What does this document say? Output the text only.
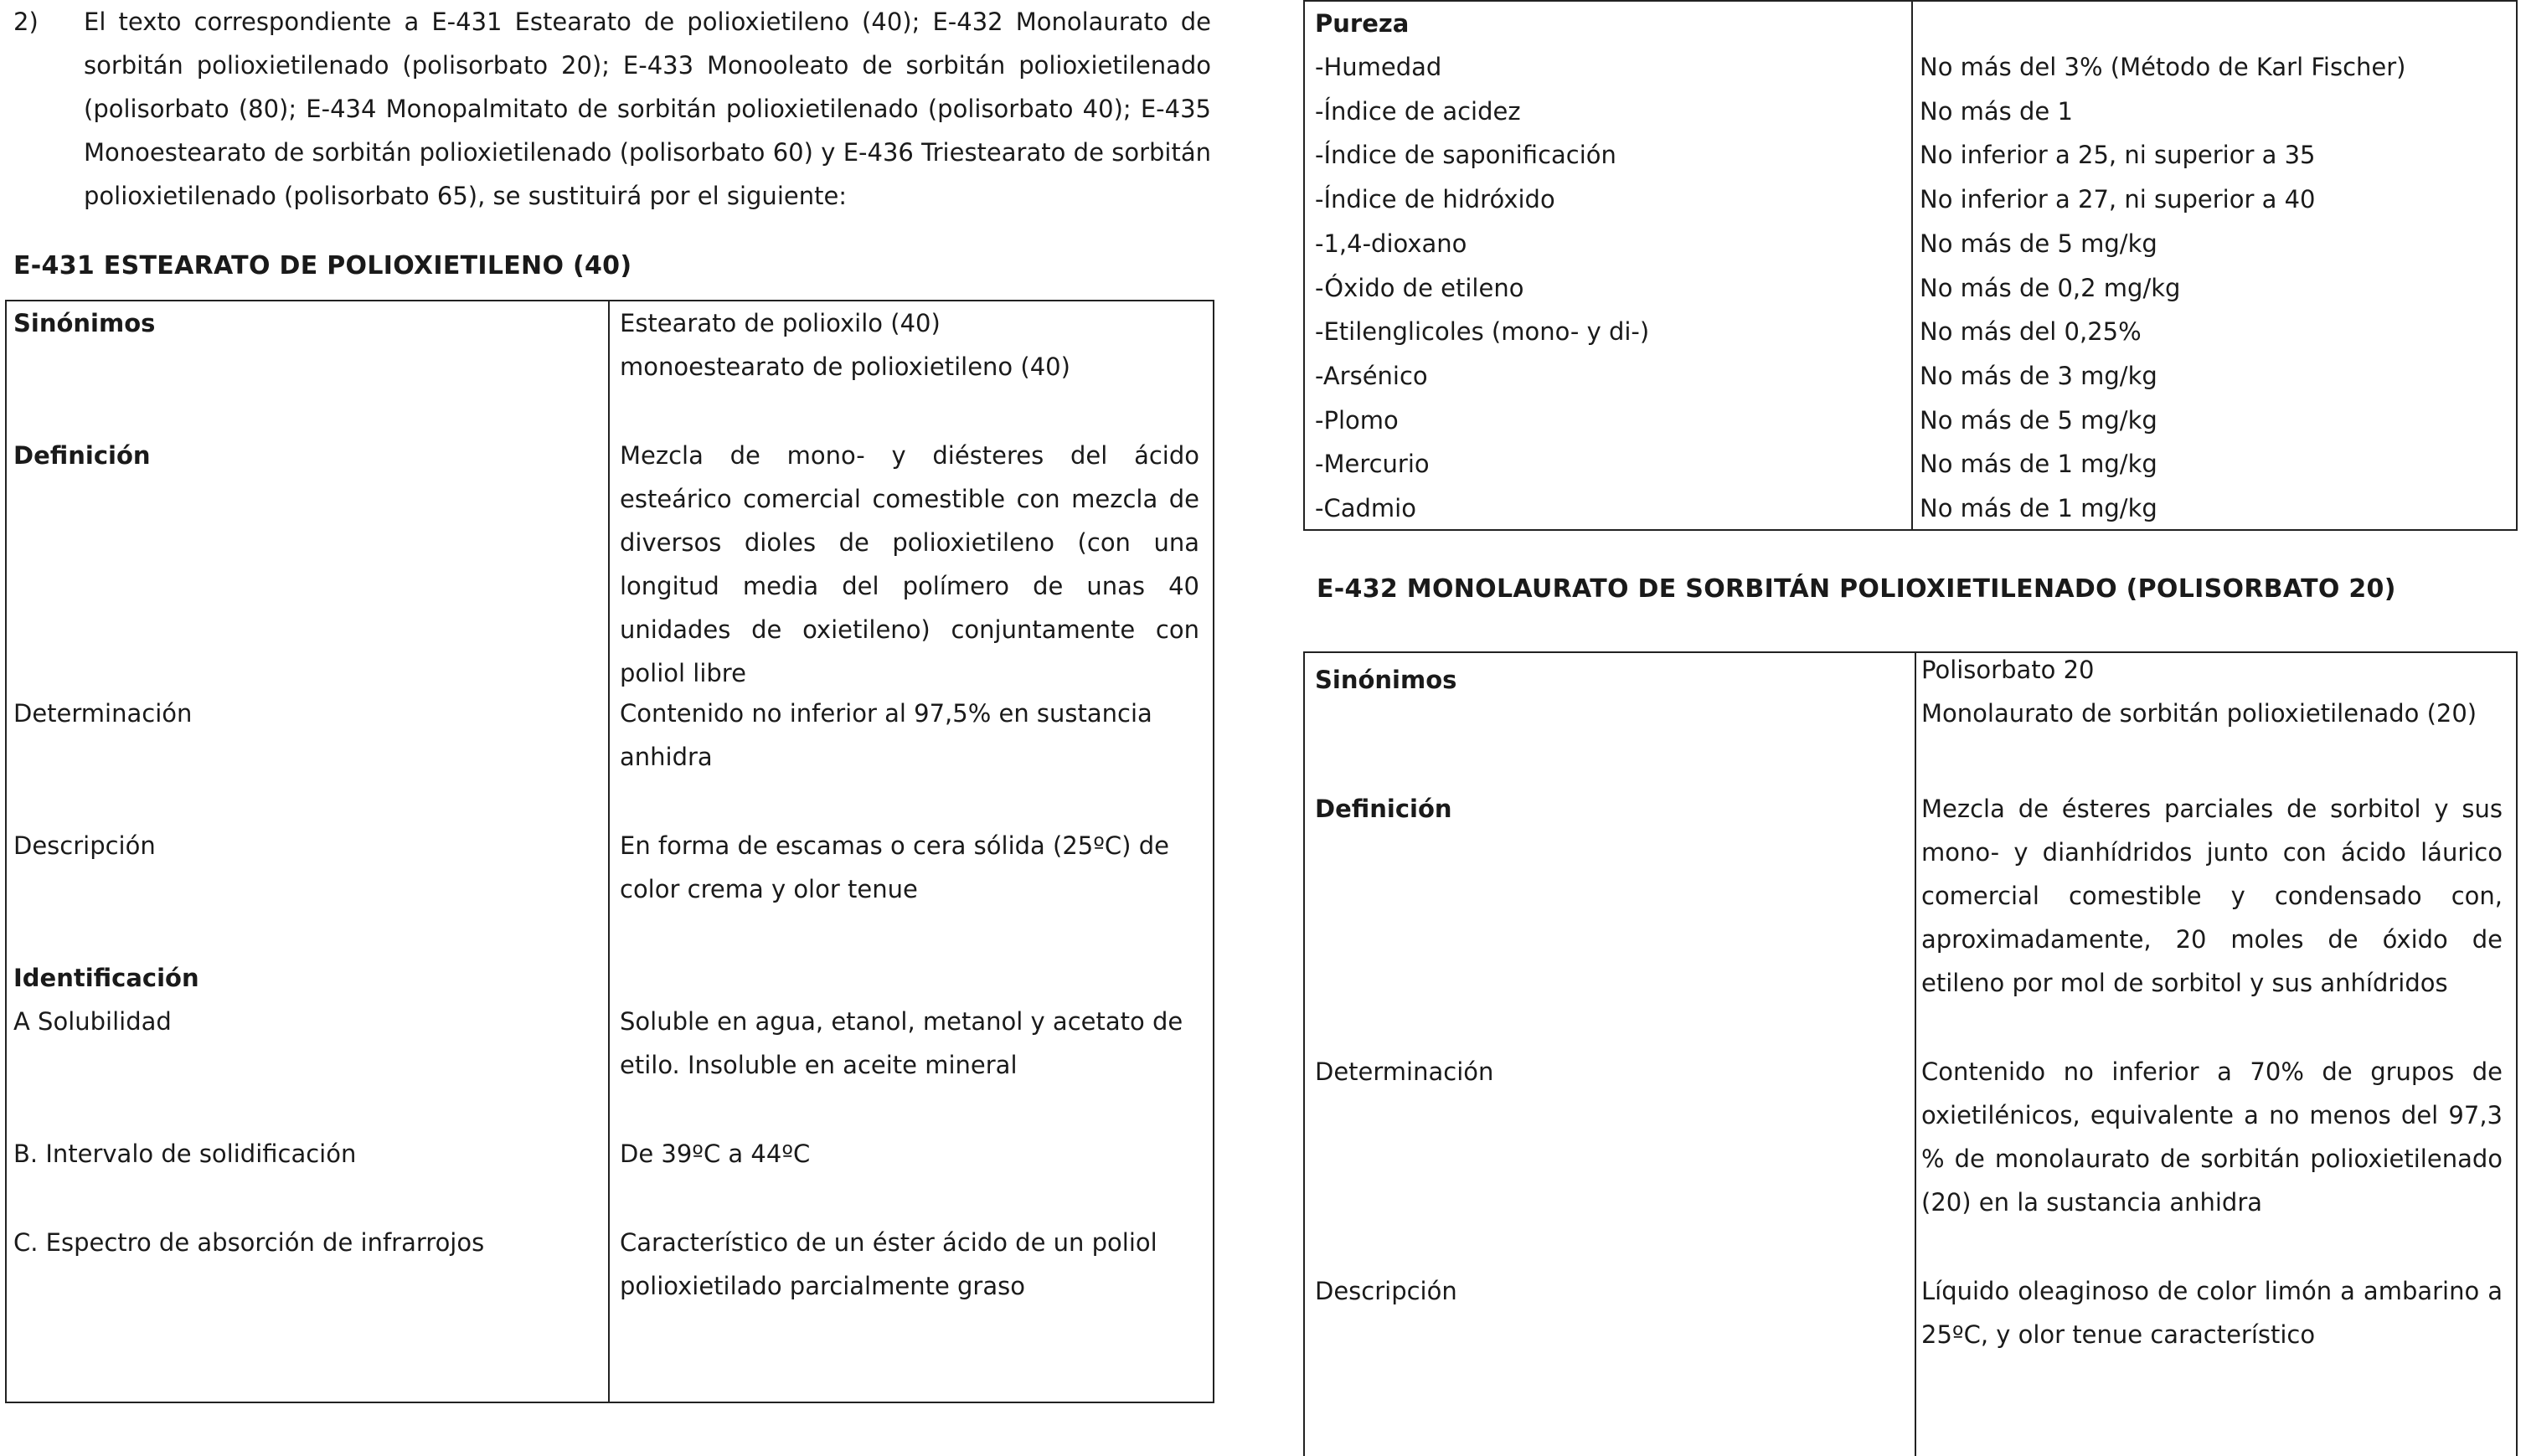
2) El texto correspondiente a E-431 Estearato de polioxietileno (40); E-432 Monolaurato de sorbitán polioxietilenado (polisorbato 20); E-433 Monooleato de sorbitán polioxietilenado (polisorbato (80); E-434 Monopalmitato de sorbitán polioxietilenado (polisorbato 40); E-435 Monoestearato de sorbitán polioxietilenado (polisorbato 60) y E-436 Triestearato de sorbitán polioxietilenado (polisorbato 65), se sustituirá por el siguiente:
E-431 ESTEARATO DE POLIOXIETILENO (40)
Sinónimos	Estearato de polioxilo (40)
monoestearato de polioxietileno (40)
Definición	Mezcla de mono- y diésteres del ácido esteárico comercial comestible con mezcla de diversos dioles de polioxietileno (con una longitud media del polímero de unas 40 unidades de oxietileno) conjuntamente con poliol libre
Determinación	Contenido no inferior al 97,5% en sustancia anhidra
Descripción	En forma de escamas o cera sólida (25ºC) de color crema y olor tenue
Identificación
A Solubilidad	Soluble en agua, etanol, metanol y acetato de etilo. Insoluble en aceite mineral
B. Intervalo de solidificación	De 39ºC a 44ºC
C. Espectro de absorción de infrarrojos	Característico de un éster ácido de un poliol polioxietilado parcialmente graso
Pureza
-Humedad	No más del 3% (Método de Karl Fischer)
-Índice de acidez	No más de 1
-Índice de saponificación	No inferior a 25, ni superior a 35
-Índice de hidróxido	No inferior a 27, ni superior a 40
-1,4-dioxano	No más de 5 mg/kg
-Óxido de etileno	No más de 0,2 mg/kg
-Etilenglicoles (mono- y di-)	No más del 0,25%
-Arsénico	No más de 3 mg/kg
-Plomo	No más de 5 mg/kg
-Mercurio	No más de 1 mg/kg
-Cadmio	No más de 1 mg/kg
E-432 MONOLAURATO DE SORBITÁN POLIOXIETILENADO (POLISORBATO 20)
Sinónimos	Polisorbato 20
Monolaurato de sorbitán polioxietilenado (20)
Definición	Mezcla de ésteres parciales de sorbitol y sus mono- y dianhídridos junto con ácido láurico comercial comestible y condensado con, aproximadamente, 20 moles de óxido de etileno por mol de sorbitol y sus anhídridos
Determinación	Contenido no inferior a 70% de grupos de oxietilénicos, equivalente a no menos del 97,3 % de monolaurato de sorbitán polioxietilenado (20) en la sustancia anhidra
Descripción	Líquido oleaginoso de color limón a ambarino a 25ºC, y olor tenue característico
